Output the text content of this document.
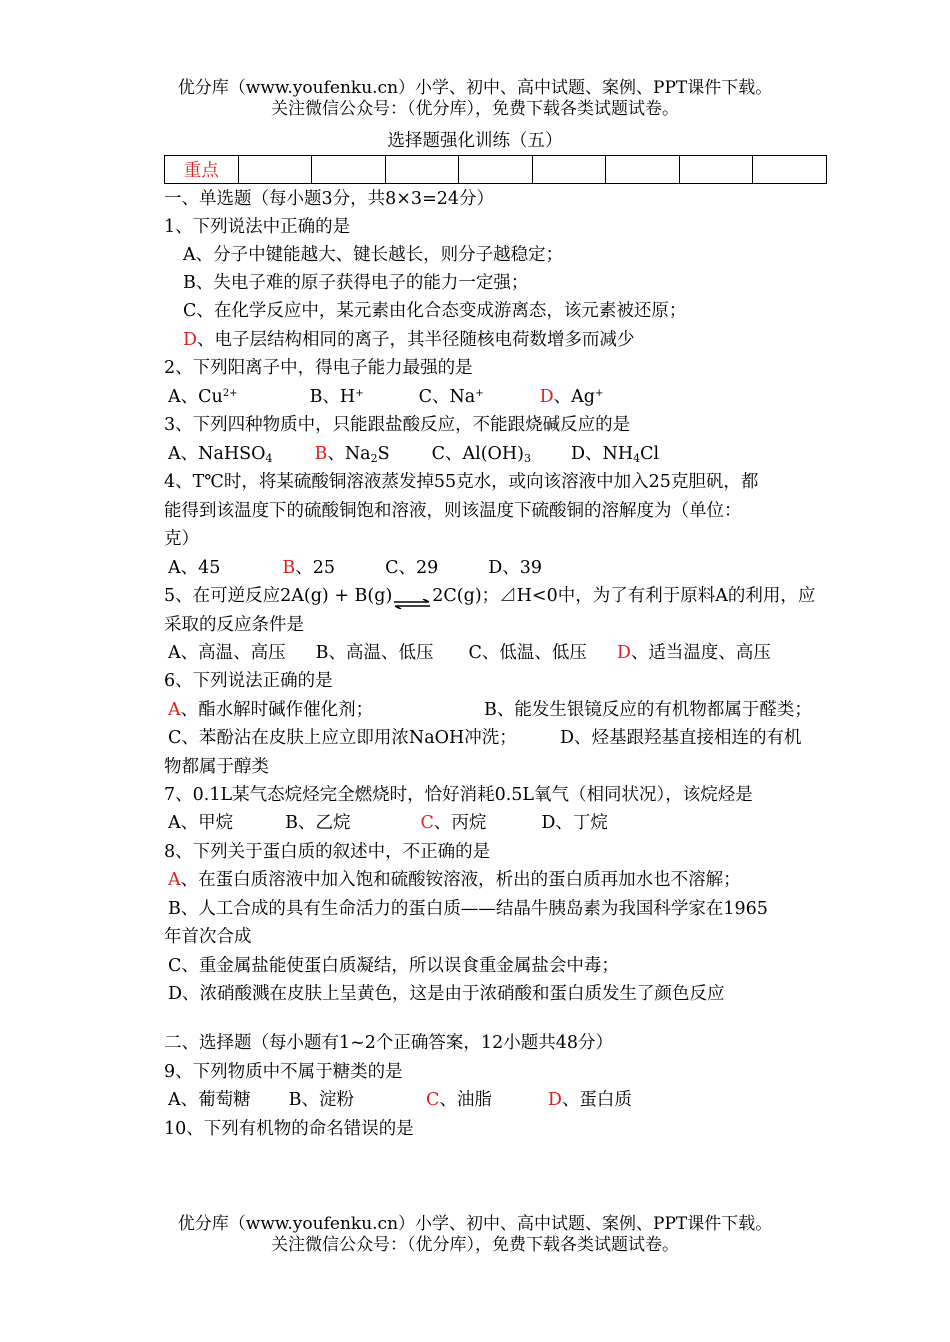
优分库（www.youfenku.cn）小学、初中、高中试题、案例、PPT课件下载。
关注微信公众号：（优分库），免费下载各类试题试卷。
选择题强化训练（五）
重点								
一、单选题（每小题3分，共8×3=24分）
1、下列说法中正确的是
A、分子中键能越大、键长越长，则分子越稳定；
B、失电子难的原子获得电子的能力一定强；
C、在化学反应中，某元素由化合态变成游离态，该元素被还原；
D、电子层结构相同的离子，其半径随核电荷数增多而减少
2、下列阳离子中，得电子能力最强的是
A、$Cu^{2+}$	B、H+	C、Na+	D、Ag+
3、下列四种物质中，只能跟盐酸反应，不能跟烧碱反应的是
A、NaHSO$_4$ B、$Na_2S$ C、$Al(OH)_3$ D、$NH_4Cl$
4、T℃时，将某硫酸铜溶液蒸发掉55克水，或向该溶液中加入25克胆矾，都
能得到该温度下的硫酸铜饱和溶液，则该温度下硫酸铜的溶解度为（单位：
克）
A、45	B、25	C、29	D、39
5、在可逆反应2A(g) + B(g)⇌2C(g)；⊿H<0中，为了有利于原料A的利用，应
采取的反应条件是
A、高温、高压 B、高温、低压 C、低温、低压 D、适当温度、高压
6、下列说法正确的是
A、酯水解时碱作催化剂；	B、能发生银镜反应的有机物都属于醛类；
C、苯酚沾在皮肤上应立即用浓NaOH冲洗； D、烃基跟羟基直接相连的有机
物都属于醇类
7、0.1L某气态烷烃完全燃烧时，恰好消耗0.5L氧气（相同状况），该烷烃是
A、甲烷	B、乙烷	C、丙烷	D、丁烷
8、下列关于蛋白质的叙述中，不正确的是
A、在蛋白质溶液中加入饱和硫酸铵溶液，析出的蛋白质再加水也不溶解；
B、人工合成的具有生命活力的蛋白质——结晶牛胰岛素为我国科学家在1965
年首次合成
C、重金属盐能使蛋白质凝结，所以误食重金属盐会中毒；
D、浓硝酸溅在皮肤上呈黄色，这是由于浓硝酸和蛋白质发生了颜色反应
二、选择题（每小题有1~2个正确答案，12小题共48分）
9、下列物质中不属于糖类的是
A、葡萄糖 B、淀粉	C、油脂	D、蛋白质
10、下列有机物的命名错误的是
优分库（www.youfenku.cn）小学、初中、高中试题、案例、PPT课件下载。
关注微信公众号：（优分库），免费下载各类试题试卷。
